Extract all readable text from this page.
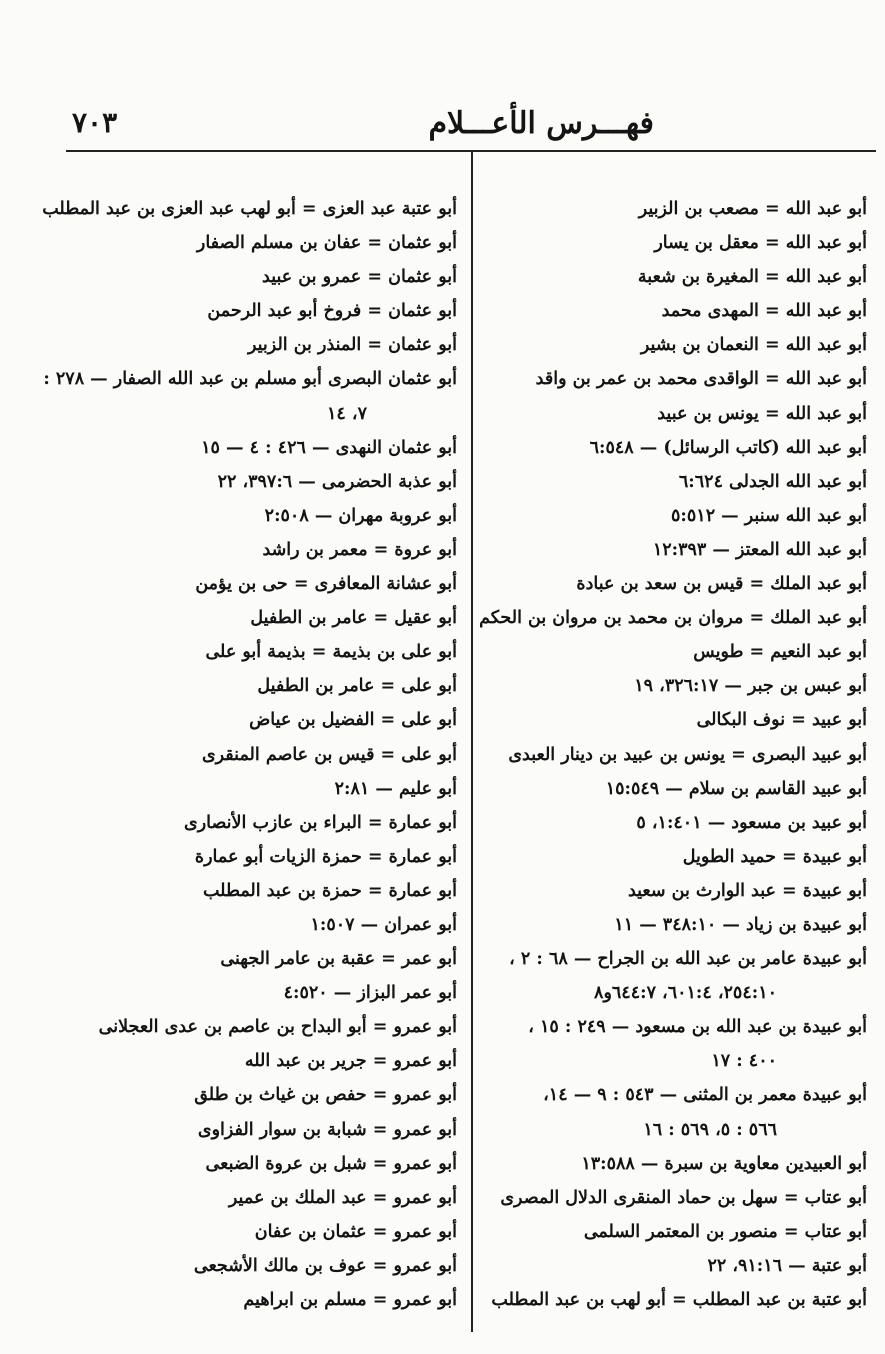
فهـــرس الأعـــلام
٧٠٣
أبو عبد الله = مصعب بن الزبير
أبو عبد الله = معقل بن يسار
أبو عبد الله = المغيرة بن شعبة
أبو عبد الله = المهدى محمد
أبو عبد الله = النعمان بن بشير
أبو عبد الله = الواقدى محمد بن عمر بن واقد
أبو عبد الله = يونس بن عبيد
أبو عبد الله (كاتب الرسائل) — ٦:٥٤٨
أبو عبد الله الجدلى ٦:٦٢٤
أبو عبد الله سنبر — ٥:٥١٢
أبو عبد الله المعتز — ١٢:٣٩٣
أبو عبد الملك = قيس بن سعد بن عبادة
أبو عبد الملك = مروان بن محمد بن مروان بن الحكم
أبو عبد النعيم = طويس
أبو عبس بن جبر — ٣٢٦:١٧، ١٩
أبو عبيد = نوف البكالى
أبو عبيد البصرى = يونس بن عبيد بن دينار العبدى
أبو عبيد القاسم بن سلام — ١٥:٥٤٩
أبو عبيد بن مسعود — ١:٤٠١، ٥
أبو عبيدة = حميد الطويل
أبو عبيدة = عبد الوارث بن سعيد
أبو عبيدة بن زياد — ٣٤٨:١٠ — ١١
أبو عبيدة عامر بن عبد الله بن الجراح — ٦٨ : ٢ ،
٢٥٤:١٠، ٦٠١:٤، ٦٤٤:٧و٨
أبو عبيدة بن عبد الله بن مسعود — ٢٤٩ : ١٥ ،
٤٠٠ : ١٧
أبو عبيدة معمر بن المثنى — ٥٤٣ : ٩ — ١٤،
٥٦٦ : ٥، ٥٦٩ : ١٦
أبو العبيدين معاوية بن سبرة — ١٣:٥٨٨
أبو عتاب = سهل بن حماد المنقرى الدلال المصرى
أبو عتاب = منصور بن المعتمر السلمى
أبو عتبة — ٩١:١٦، ٢٢
أبو عتبة بن عبد المطلب = أبو لهب بن عبد المطلب
أبو عتبة عبد العزى = أبو لهب عبد العزى بن عبد المطلب
أبو عثمان = عفان بن مسلم الصفار
أبو عثمان = عمرو بن عبيد
أبو عثمان = فروخ أبو عبد الرحمن
أبو عثمان = المنذر بن الزبير
أبو عثمان البصرى أبو مسلم بن عبد الله الصفار — ٢٧٨ :
٧، ١٤
أبو عثمان النهدى — ٤٢٦ : ٤ — ١٥
أبو عذبة الحضرمى — ٣٩٧:٦، ٢٢
أبو عروبة مهران — ٢:٥٠٨
أبو عروة = معمر بن راشد
أبو عشانة المعافرى = حى بن يؤمن
أبو عقيل = عامر بن الطفيل
أبو على بن بذيمة = بذيمة أبو على
أبو على = عامر بن الطفيل
أبو على = الفضيل بن عياض
أبو على = قيس بن عاصم المنقرى
أبو عليم — ٢:٨١
أبو عمارة = البراء بن عازب الأنصارى
أبو عمارة = حمزة الزيات أبو عمارة
أبو عمارة = حمزة بن عبد المطلب
أبو عمران — ١:٥٠٧
أبو عمر = عقبة بن عامر الجهنى
أبو عمر البزاز — ٤:٥٢٠
أبو عمرو = أبو البداح بن عاصم بن عدى العجلانى
أبو عمرو = جرير بن عبد الله
أبو عمرو = حفص بن غياث بن طلق
أبو عمرو = شبابة بن سوار الفزاوى
أبو عمرو = شبل بن عروة الضبعى
أبو عمرو = عبد الملك بن عمير
أبو عمرو = عثمان بن عفان
أبو عمرو = عوف بن مالك الأشجعى
أبو عمرو = مسلم بن ابراهيم
